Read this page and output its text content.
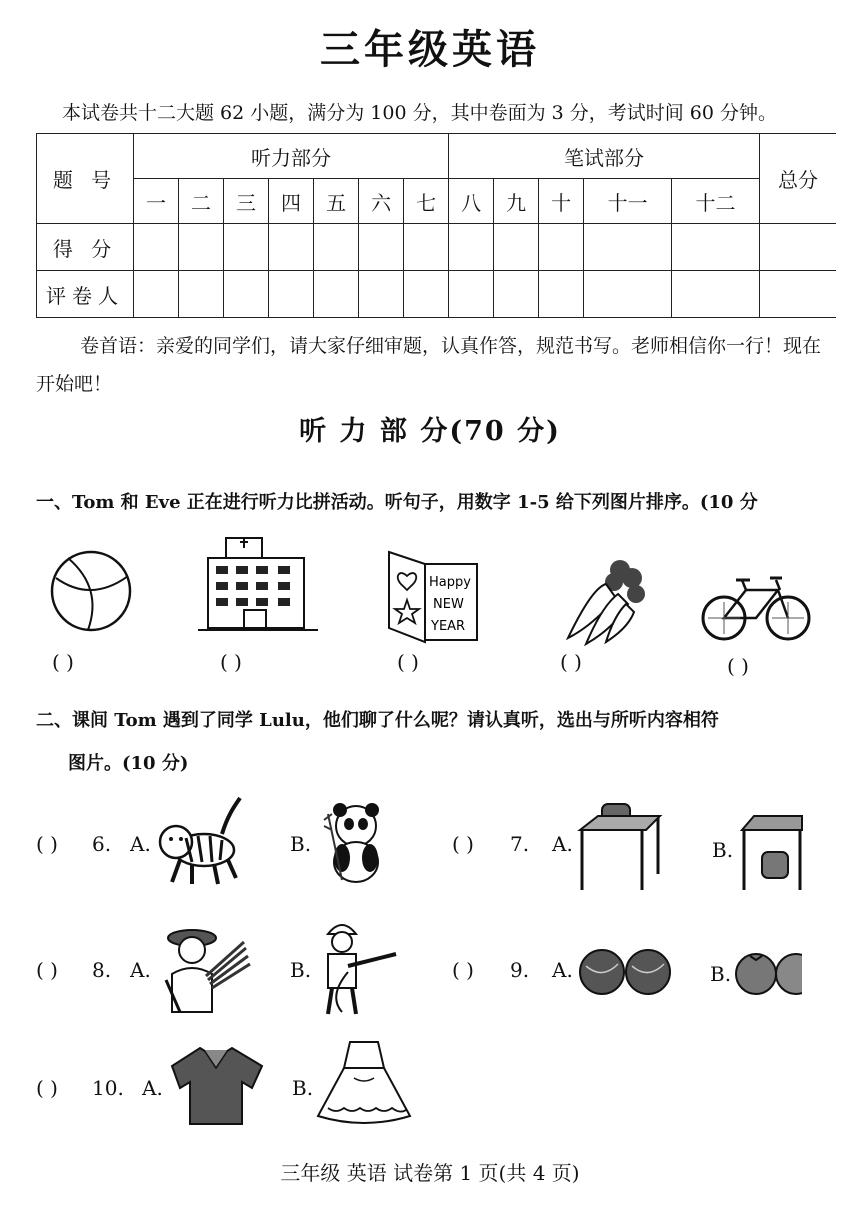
三年级英语
本试卷共十二大题 62 小题，满分为 100 分，其中卷面为 3 分，考试时间 60 分钟。
题 号	听力部分							笔试部分					总分
	一	二	三	四	五	六	七	八	九	十	十一	十二	
得 分													
评卷人													
卷首语：亲爱的同学们，请大家仔细审题，认真作答，规范书写。老师相信你一行！现在开始吧！
听 力 部 分(70 分)
一、Tom 和 Eve 正在进行听力比拼活动。听句子，用数字 1-5 给下列图片排序。(10 分
Happy
NEW
YEAR
( )	( )	( )	( )	( )
二、课间 Tom 遇到了同学 Lulu，他们聊了什么呢？请认真听，选出与所听内容相符
图片。(10 分)
( ) 6. A.	B.	( ) 7. A.	B.
( ) 8. A.	B.	( ) 9. A.	B.
( ) 10. A.	B.
三年级 英语 试卷第 1 页(共 4 页)
